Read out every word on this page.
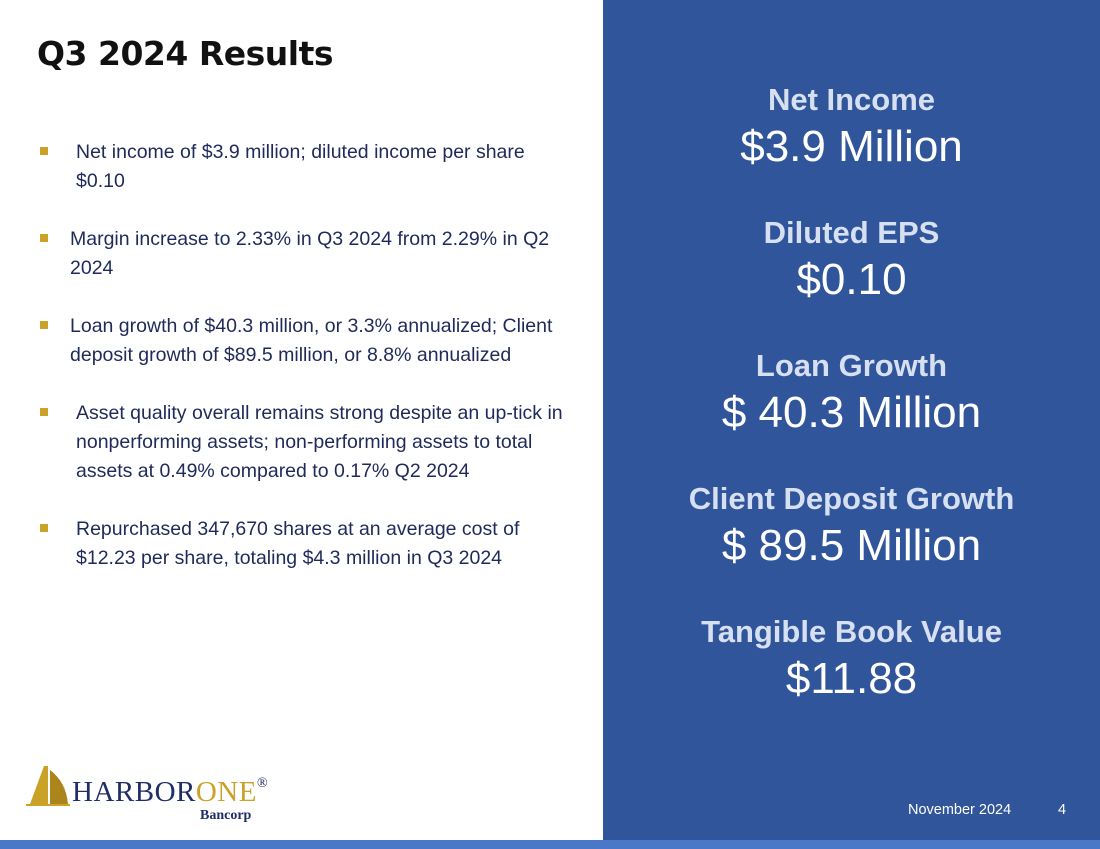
Q3 2024 Results
Net income of $3.9 million; diluted income per share $0.10
Margin increase to 2.33% in Q3 2024 from 2.29% in Q2 2024
Loan growth of $40.3 million, or 3.3% annualized; Client deposit growth of $89.5 million, or 8.8% annualized
Asset quality overall remains strong despite an up-tick in nonperforming assets; non-performing assets to total assets at 0.49% compared to 0.17% Q2 2024
Repurchased 347,670 shares at an average cost of $12.23 per share, totaling $4.3 million in Q3 2024
HARBORONE®
Bancorp
Net Income
$3.9 Million
Diluted EPS
$0.10
Loan Growth
$ 40.3 Million
Client Deposit Growth
$ 89.5 Million
Tangible Book Value
$11.88
November 2024	4
